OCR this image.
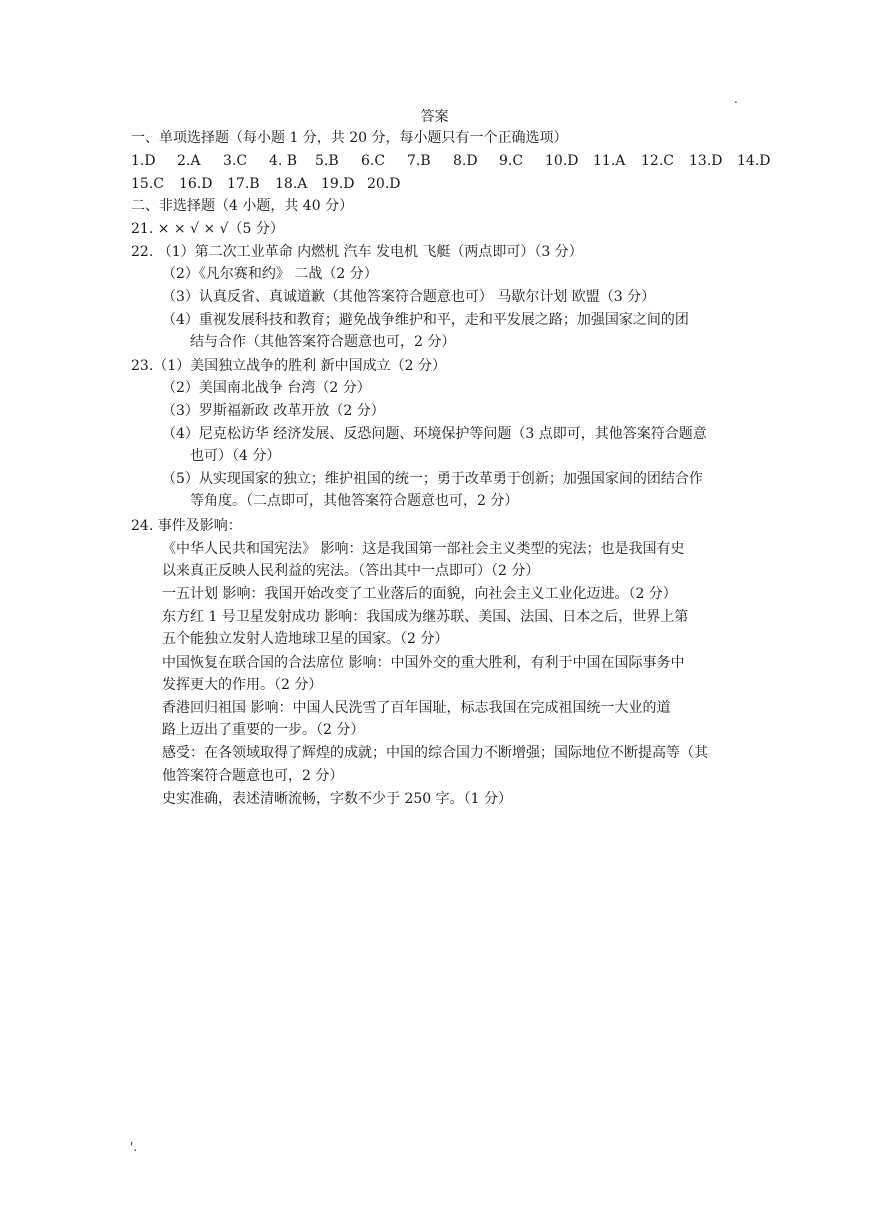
.
答案
一、单项选择题（每小题 1 分，共 20 分，每小题只有一个正确选项）
1.D	2.A	3.C	4. B	5.B	6.C	7.B	8.D	9.C	10.D	11.A	12.C	13.D	14.D
15.C	16.D	17.B	18.A 19.D 20.D
二、非选择题（4 小题，共 40 分）
21. × × √ × √（5 分）
22. （1）第二次工业革命 内燃机 汽车 发电机 飞艇（两点即可）（3 分）
（2）《凡尔赛和约》 二战（2 分）
（3）认真反省、真诚道歉（其他答案符合题意也可） 马歇尔计划 欧盟（3 分）
（4）重视发展科技和教育；避免战争维护和平，走和平发展之路；加强国家之间的团
结与合作（其他答案符合题意也可，2 分）
23.（1）美国独立战争的胜利 新中国成立（2 分）
（2）美国南北战争 台湾（2 分）
（3）罗斯福新政 改革开放（2 分）
（4）尼克松访华 经济发展、反恐问题、环境保护等问题（3 点即可，其他答案符合题意
也可）（4 分）
（5）从实现国家的独立；维护祖国的统一；勇于改革勇于创新；加强国家间的团结合作
等角度。（二点即可，其他答案符合题意也可，2 分）
24. 事件及影响：
《中华人民共和国宪法》 影响：这是我国第一部社会主义类型的宪法；也是我国有史
以来真正反映人民利益的宪法。（答出其中一点即可）（2 分）
一五计划 影响：我国开始改变了工业落后的面貌，向社会主义工业化迈进。（2 分）
东方红 1 号卫星发射成功 影响：我国成为继苏联、美国、法国、日本之后，世界上第
五个能独立发射人造地球卫星的国家。（2 分）
中国恢复在联合国的合法席位 影响：中国外交的重大胜利，有利于中国在国际事务中
发挥更大的作用。（2 分）
香港回归祖国 影响：中国人民洗雪了百年国耻，标志我国在完成祖国统一大业的道
路上迈出了重要的一步。（2 分）
感受：在各领域取得了辉煌的成就；中国的综合国力不断增强；国际地位不断提高等（其
他答案符合题意也可，2 分）
史实准确，表述清晰流畅，字数不少于 250 字。（1 分）
'.
